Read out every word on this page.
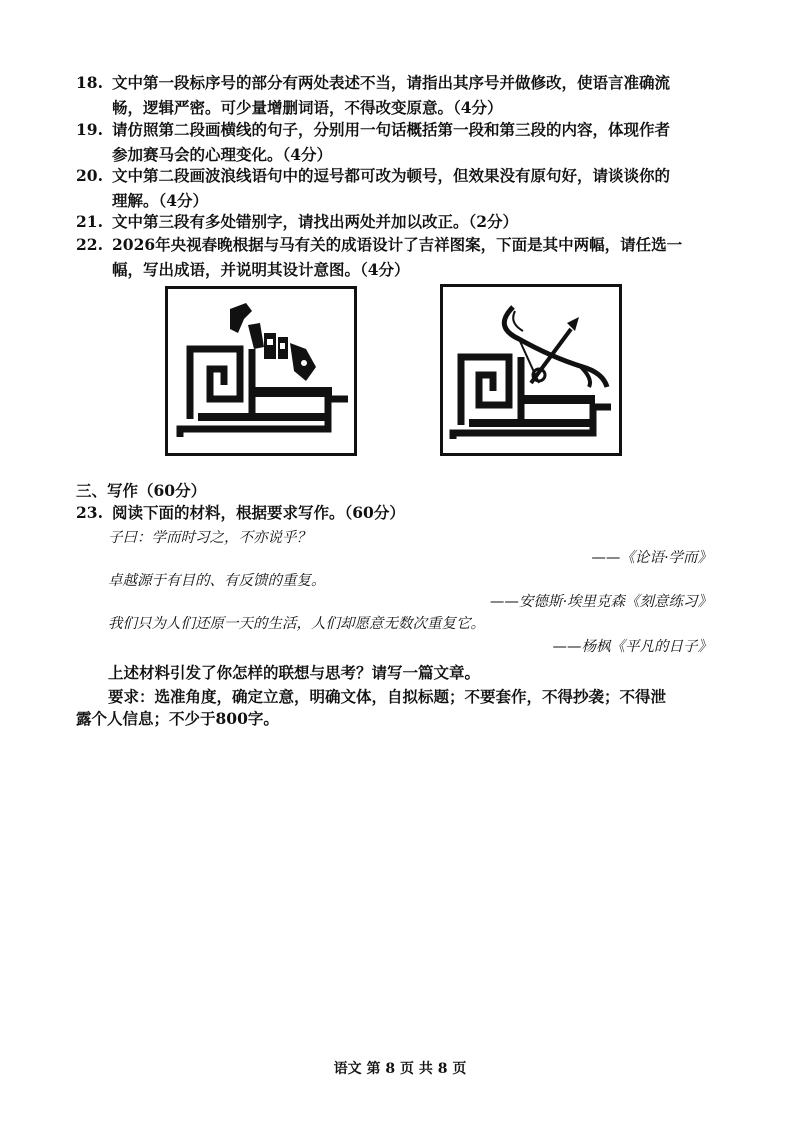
18. 文中第一段标序号的部分有两处表述不当，请指出其序号并做修改，使语言准确流
畅，逻辑严密。可少量增删词语，不得改变原意。（4分）
19. 请仿照第二段画横线的句子，分别用一句话概括第一段和第三段的内容，体现作者
参加赛马会的心理变化。（4分）
20. 文中第二段画波浪线语句中的逗号都可改为顿号，但效果没有原句好，请谈谈你的
理解。（4分）
21. 文中第三段有多处错别字，请找出两处并加以改正。（2分）
22. 2026年央视春晚根据与马有关的成语设计了吉祥图案，下面是其中两幅，请任选一
幅，写出成语，并说明其设计意图。（4分）
三、写作（60分）
23. 阅读下面的材料，根据要求写作。（60分）
子曰：学而时习之，不亦说乎？
——《论语·学而》
卓越源于有目的、有反馈的重复。
——安德斯·埃里克森《刻意练习》
我们只为人们还原一天的生活，人们却愿意无数次重复它。
——杨枫《平凡的日子》
上述材料引发了你怎样的联想与思考？请写一篇文章。
要求：选准角度，确定立意，明确文体，自拟标题；不要套作，不得抄袭；不得泄
露个人信息；不少于800字。
语文 第 8 页 共 8 页
